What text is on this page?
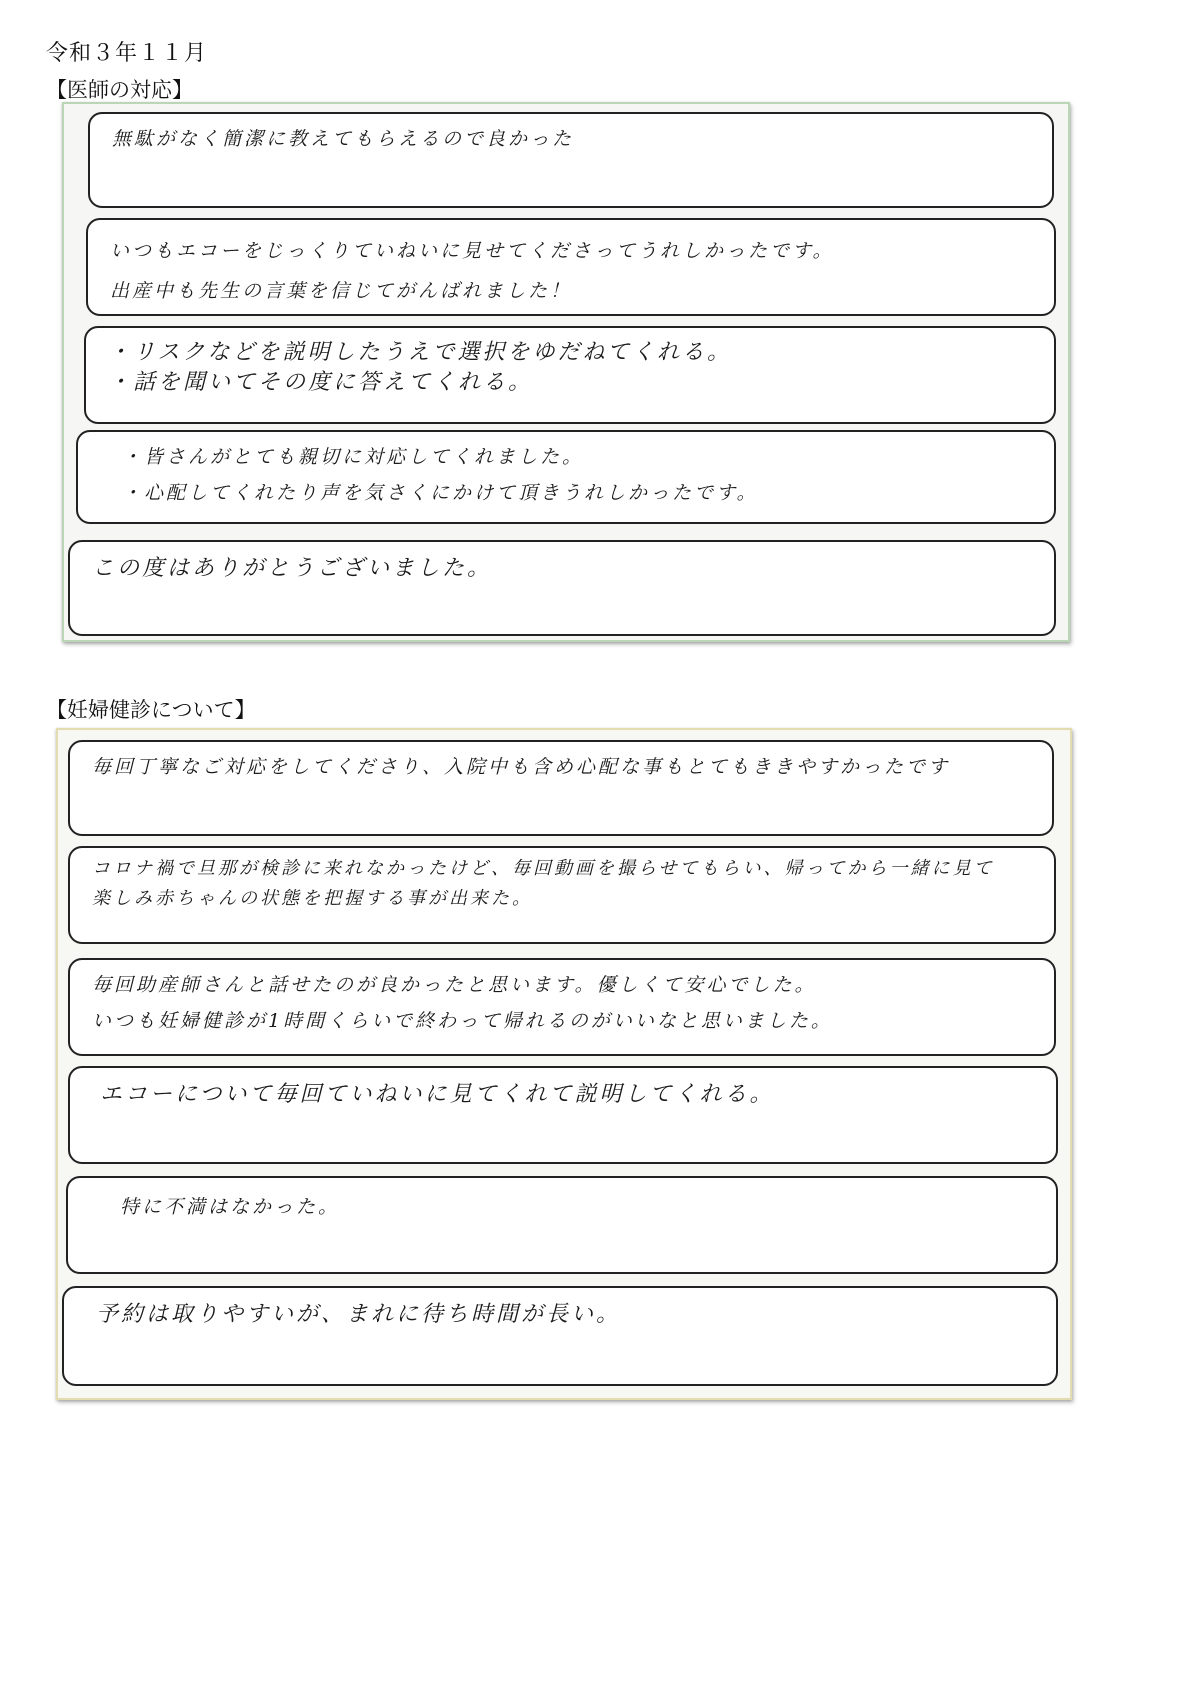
令和３年１１月
【医師の対応】
無駄がなく簡潔に教えてもらえるので良かった
いつもエコーをじっくりていねいに見せてくださってうれしかったです。
出産中も先生の言葉を信じてがんばれました！
・リスクなどを説明したうえで選択をゆだねてくれる。
・話を聞いてその度に答えてくれる。
・皆さんがとても親切に対応してくれました。
・心配してくれたり声を気さくにかけて頂きうれしかったです。
この度はありがとうございました。
【妊婦健診について】
毎回丁寧なご対応をしてくださり、入院中も含め心配な事もとてもききやすかったです
コロナ禍で旦那が検診に来れなかったけど、毎回動画を撮らせてもらい、帰ってから一緒に見て
楽しみ赤ちゃんの状態を把握する事が出来た。
毎回助産師さんと話せたのが良かったと思います。優しくて安心でした。
いつも妊婦健診が1時間くらいで終わって帰れるのがいいなと思いました。
エコーについて毎回ていねいに見てくれて説明してくれる。
特に不満はなかった。
予約は取りやすいが、まれに待ち時間が長い。
